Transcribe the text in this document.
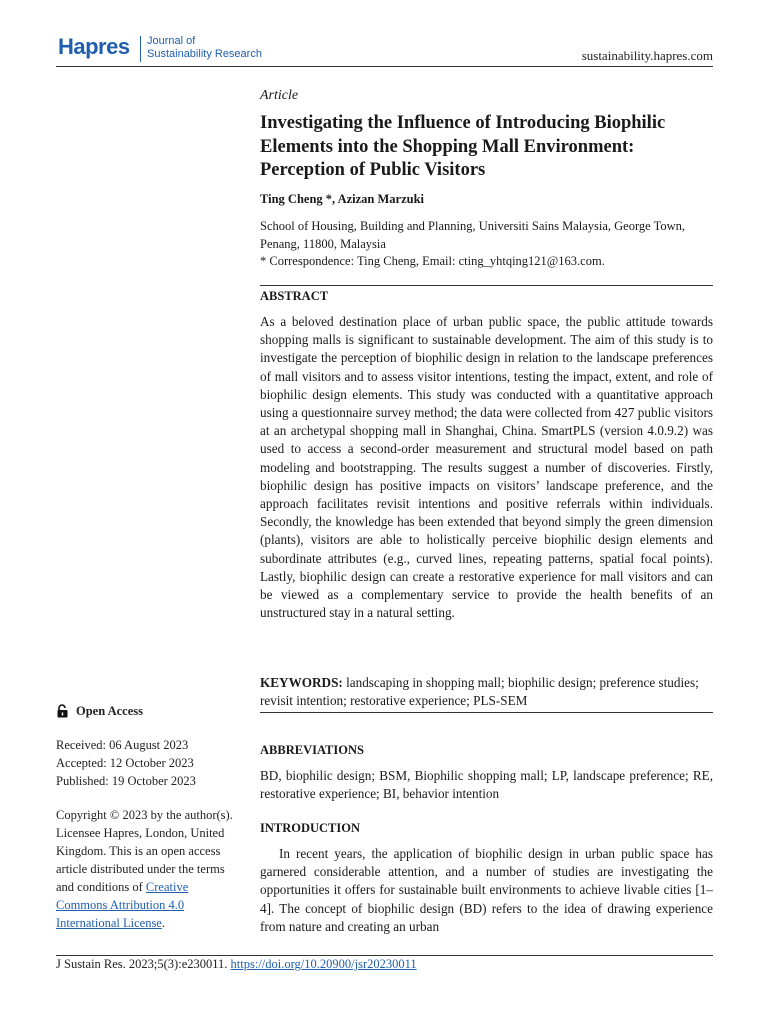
Hapres Journal of
Sustainability Research	sustainability.hapres.com
Article
Investigating the Influence of Introducing Biophilic Elements into the Shopping Mall Environment: Perception of Public Visitors
Ting Cheng *, Azizan Marzuki
School of Housing, Building and Planning, Universiti Sains Malaysia, George Town, Penang, 11800, Malaysia
* Correspondence: Ting Cheng, Email: cting_yhtqing121@163.com.
ABSTRACT

As a beloved destination place of urban public space, the public attitude towards shopping malls is significant to sustainable development. The aim of this study is to investigate the perception of biophilic design in relation to the landscape preferences of mall visitors and to assess visitor intentions, testing the impact, extent, and role of biophilic design elements. This study was conducted with a quantitative approach using a questionnaire survey method; the data were collected from 427 public visitors at an archetypal shopping mall in Shanghai, China. SmartPLS (version 4.0.9.2) was used to access a second-order measurement and structural model based on path modeling and bootstrapping. The results suggest a number of discoveries. Firstly, biophilic design has positive impacts on visitors’ landscape preference, and the approach facilitates revisit intentions and positive referrals within individuals. Secondly, the knowledge has been extended that beyond simply the green dimension (plants), visitors are able to holistically perceive biophilic design elements and subordinate attributes (e.g., curved lines, repeating patterns, spatial focal points). Lastly, biophilic design can create a restorative experience for mall visitors and can be viewed as a complementary service to provide the health benefits of an unstructured stay in a natural setting.

KEYWORDS: landscaping in shopping mall; biophilic design; preference studies; revisit intention; restorative experience; PLS-SEM

ABBREVIATIONS

BD, biophilic design; BSM, Biophilic shopping mall; LP, landscape preference; RE, restorative experience; BI, behavior intention

INTRODUCTION

In recent years, the application of biophilic design in urban public space has garnered considerable attention, and a number of studies are investigating the opportunities it offers for sustainable built environments to achieve livable cities [1–4]. The concept of biophilic design (BD) refers to the idea of drawing experience from nature and creating an urban

Open Access
Received: 06 August 2023
Accepted: 12 October 2023
Published: 19 October 2023
Copyright © 2023 by the author(s). Licensee Hapres, London, United Kingdom. This is an open access article distributed under the terms and conditions of Creative Commons Attribution 4.0 International License.
J Sustain Res. 2023;5(3):e230011. https://doi.org/10.20900/jsr20230011
